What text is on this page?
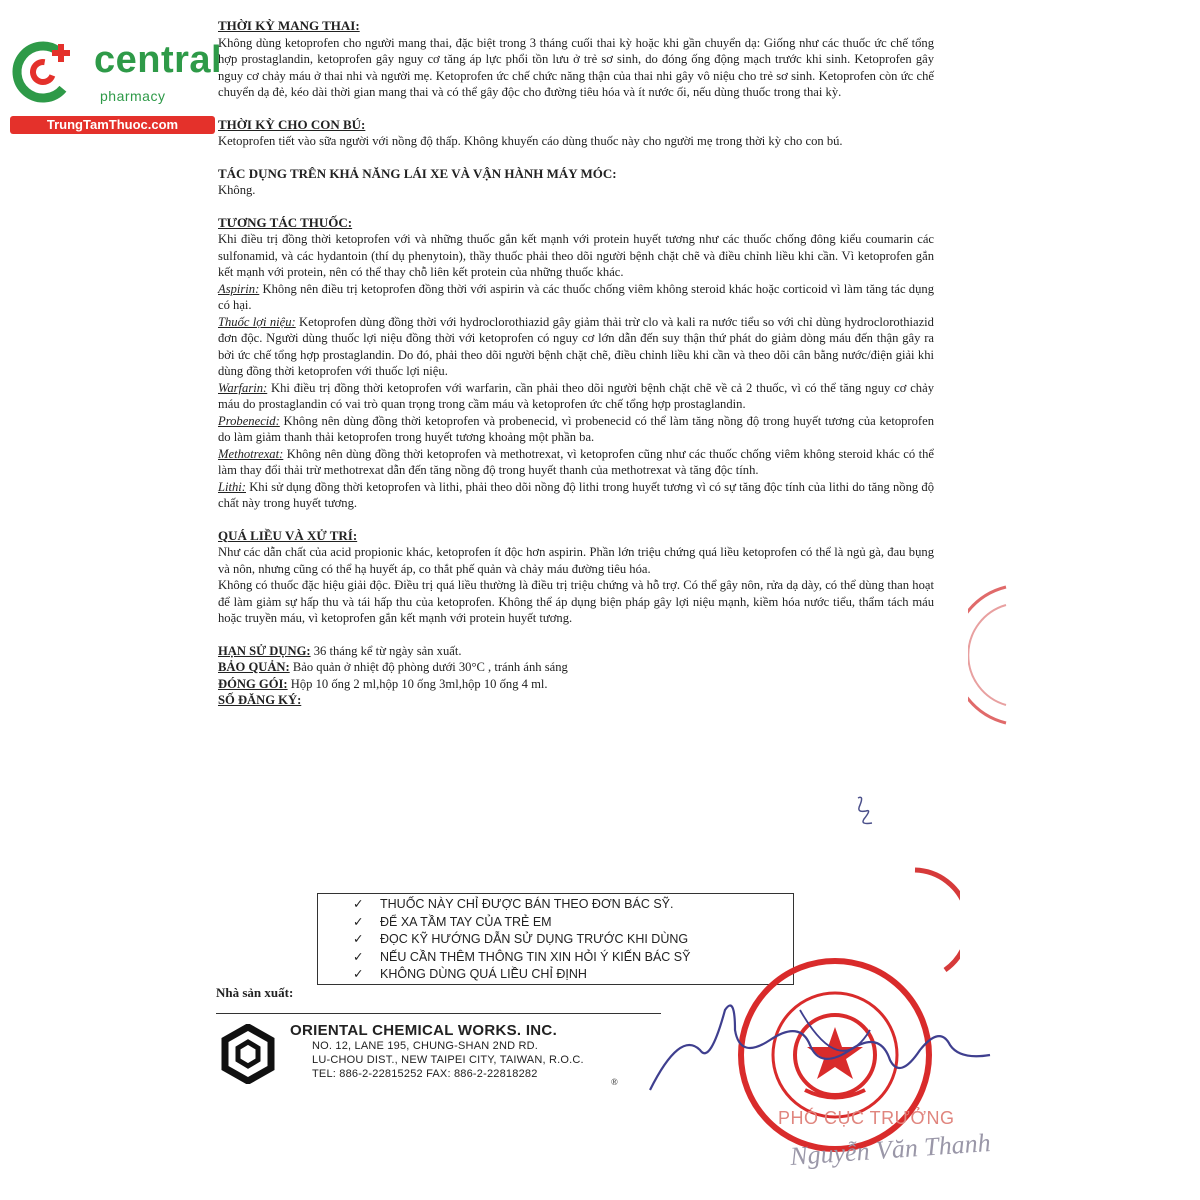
central
pharmacy
TrungTamThuoc.com
THỜI KỲ MANG THAI:

Không dùng ketoprofen cho người mang thai, đặc biệt trong 3 tháng cuối thai kỳ hoặc khi gần chuyển dạ: Giống như các thuốc ức chế tổng hợp prostaglandin, ketoprofen gây nguy cơ tăng áp lực phổi tồn lưu ở trẻ sơ sinh, do đóng ống động mạch trước khi sinh. Ketoprofen gây nguy cơ chảy máu ở thai nhi và người mẹ. Ketoprofen ức chế chức năng thận của thai nhi gây vô niệu cho trẻ sơ sinh. Ketoprofen còn ức chế chuyển dạ đẻ, kéo dài thời gian mang thai và có thể gây độc cho đường tiêu hóa và ít nước ối, nếu dùng thuốc trong thai kỳ.

THỜI KỲ CHO CON BÚ:

Ketoprofen tiết vào sữa người với nồng độ thấp. Không khuyến cáo dùng thuốc này cho người mẹ trong thời kỳ cho con bú.

TÁC DỤNG TRÊN KHẢ NĂNG LÁI XE VÀ VẬN HÀNH MÁY MÓC:

Không.

TƯƠNG TÁC THUỐC:

Khi điều trị đồng thời ketoprofen với và những thuốc gắn kết mạnh với protein huyết tương như các thuốc chống đông kiểu coumarin các sulfonamid, và các hydantoin (thí dụ phenytoin), thầy thuốc phải theo dõi người bệnh chặt chẽ và điều chỉnh liều khi cần. Vì ketoprofen gắn kết mạnh với protein, nên có thể thay chỗ liên kết protein của những thuốc khác.

Aspirin: Không nên điều trị ketoprofen đồng thời với aspirin và các thuốc chống viêm không steroid khác hoặc corticoid vì làm tăng tác dụng có hại.

Thuốc lợi niệu: Ketoprofen dùng đồng thời với hydroclorothiazid gây giảm thải trừ clo và kali ra nước tiểu so với chỉ dùng hydroclorothiazid đơn độc. Người dùng thuốc lợi niệu đồng thời với ketoprofen có nguy cơ lớn dẫn đến suy thận thứ phát do giảm dòng máu đến thận gây ra bởi ức chế tổng hợp prostaglandin. Do đó, phải theo dõi người bệnh chặt chẽ, điều chỉnh liều khi cần và theo dõi cân bằng nước/điện giải khi dùng đồng thời ketoprofen với thuốc lợi niệu.

Warfarin: Khi điều trị đồng thời ketoprofen với warfarin, cần phải theo dõi người bệnh chặt chẽ về cả 2 thuốc, vì có thể tăng nguy cơ chảy máu do prostaglandin có vai trò quan trọng trong cầm máu và ketoprofen ức chế tổng hợp prostaglandin.

Probenecid: Không nên dùng đồng thời ketoprofen và probenecid, vì probenecid có thể làm tăng nồng độ trong huyết tương của ketoprofen do làm giảm thanh thải ketoprofen trong huyết tương khoảng một phần ba.

Methotrexat: Không nên dùng đồng thời ketoprofen và methotrexat, vì ketoprofen cũng như các thuốc chống viêm không steroid khác có thể làm thay đổi thải trừ methotrexat dẫn đến tăng nồng độ trong huyết thanh của methotrexat và tăng độc tính.

Lithi: Khi sử dụng đồng thời ketoprofen và lithi, phải theo dõi nồng độ lithi trong huyết tương vì có sự tăng độc tính của lithi do tăng nồng độ chất này trong huyết tương.

QUÁ LIỀU VÀ XỬ TRÍ:

Như các dẫn chất của acid propionic khác, ketoprofen ít độc hơn aspirin. Phần lớn triệu chứng quá liều ketoprofen có thể là ngủ gà, đau bụng và nôn, nhưng cũng có thể hạ huyết áp, co thắt phế quản và chảy máu đường tiêu hóa.

Không có thuốc đặc hiệu giải độc. Điều trị quá liều thường là điều trị triệu chứng và hỗ trợ. Có thể gây nôn, rửa dạ dày, có thể dùng than hoạt để làm giảm sự hấp thu và tái hấp thu của ketoprofen. Không thể áp dụng biện pháp gây lợi niệu mạnh, kiềm hóa nước tiểu, thẩm tách máu hoặc truyền máu, vì ketoprofen gắn kết mạnh với protein huyết tương.

HẠN SỬ DỤNG: 36 tháng kể từ ngày sản xuất.

BẢO QUẢN: Bảo quản ở nhiệt độ phòng dưới 30°C , tránh ánh sáng

ĐÓNG GÓI: Hộp 10 ống 2 ml,hộp 10 ống 3ml,hộp 10 ống 4 ml.

SỐ ĐĂNG KÝ:

✓ THUỐC NÀY CHỈ ĐƯỢC BÁN THEO ĐƠN BÁC SỸ.
✓ ĐỂ XA TẦM TAY CỦA TRẺ EM
✓ ĐỌC KỸ HƯỚNG DẪN SỬ DỤNG TRƯỚC KHI DÙNG
✓ NẾU CẦN THÊM THÔNG TIN XIN HỎI Ý KIẾN BÁC SỸ
✓ KHÔNG DÙNG QUÁ LIỀU CHỈ ĐỊNH
Nhà sản xuất:
ORIENTAL CHEMICAL WORKS. INC.
NO. 12, LANE 195, CHUNG-SHAN 2ND RD.
LU-CHOU DIST., NEW TAIPEI CITY, TAIWAN, R.O.C.
TEL: 886-2-22815252 FAX: 886-2-22818282
®
PHÓ CỤC TRƯỞNG
Nguyễn Văn Thanh
